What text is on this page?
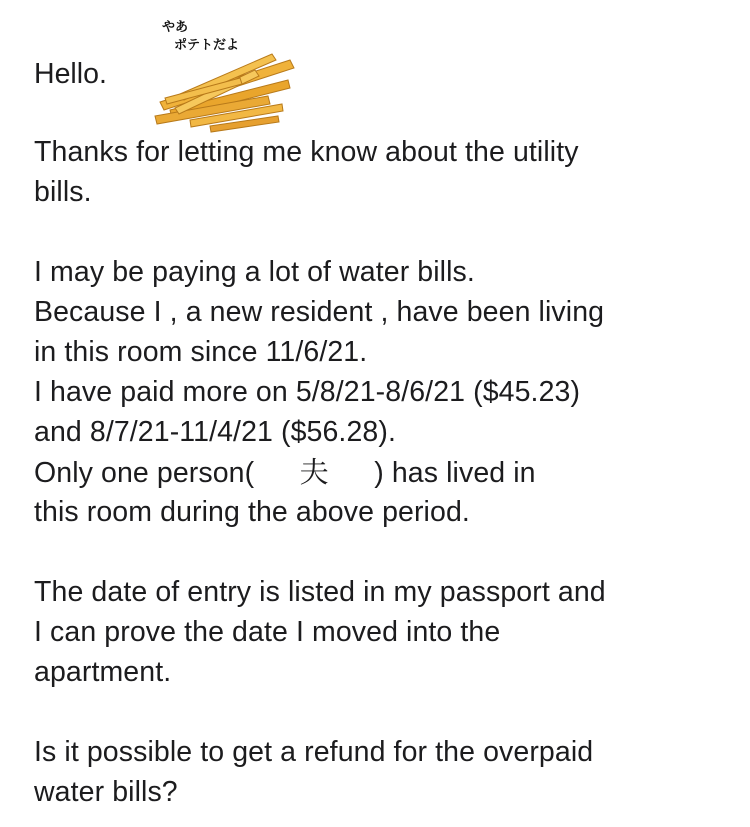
Hello.
やあ
ポテトだよ
Thanks for letting me know about the utility
bills.
I may be paying a lot of water bills.
Because I , a new resident , have been living
in this room since 11/6/21.
I have paid more on 5/8/21-8/6/21 ($45.23)
and 8/7/21-11/4/21 ($56.28).
Only one person( 夫 ) has lived in
this room during the above period.
The date of entry is listed in my passport and
I can prove the date I moved into the
apartment.
Is it possible to get a refund for the overpaid
water bills?
